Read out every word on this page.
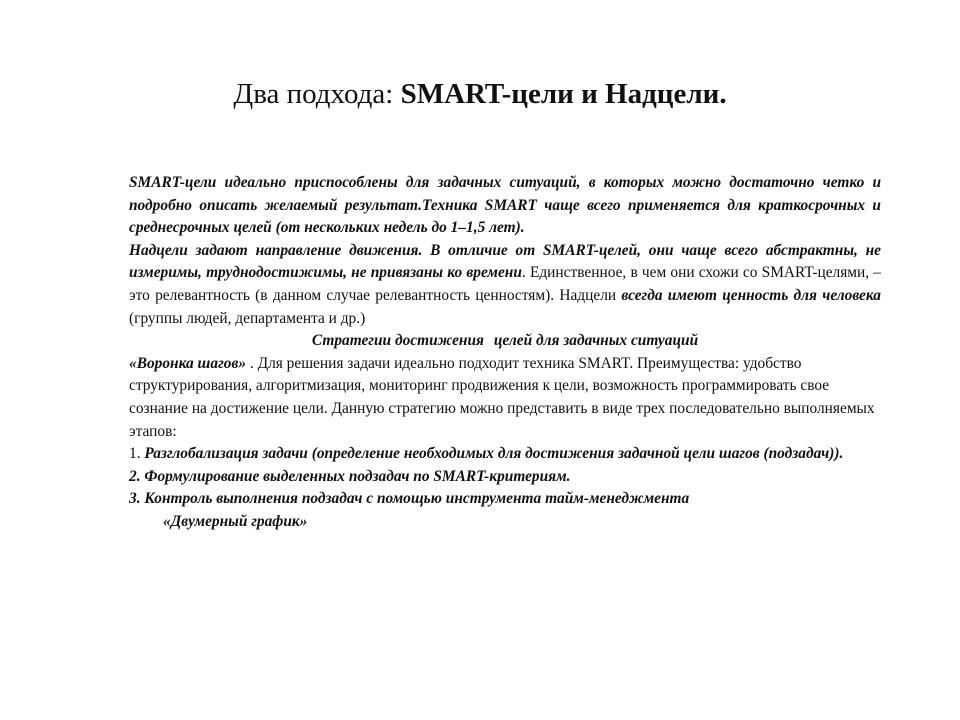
Два подхода: SMART-цели и Надцели.

SMART-цели идеально приспособлены для задачных ситуаций, в которых можно достаточно четко и подробно описать желаемый результат.Техника SMART чаще всего применяется для краткосрочных и среднесрочных целей (от нескольких недель до 1–1,5 лет).

Надцели задают направление движения. В отличие от SMART-целей, они чаще всего абстрактны, не измеримы, труднодостижимы, не привязаны ко времени. Единственное, в чем они схожи со SMART-целями, – это релевантность (в данном случае релевантность ценностям). Надцели всегда имеют ценность для человека (группы людей, департамента и др.)

Стратегии достижения целей для задачных ситуаций

«Воронка шагов» . Для решения задачи идеально подходит техника SMART. Преимущества: удобство структурирования, алгоритмизация, мониторинг продвижения к цели, возможность программировать свое сознание на достижение цели. Данную стратегию можно представить в виде трех последовательно выполняемых этапов:

1. Разглобализация задачи (определение необходимых для достижения задачной цели шагов (подзадач)).

2. Формулирование выделенных подзадач по SMART-критериям.

3. Контроль выполнения подзадач с помощью инструмента тайм-менеджмента

«Двумерный график»
